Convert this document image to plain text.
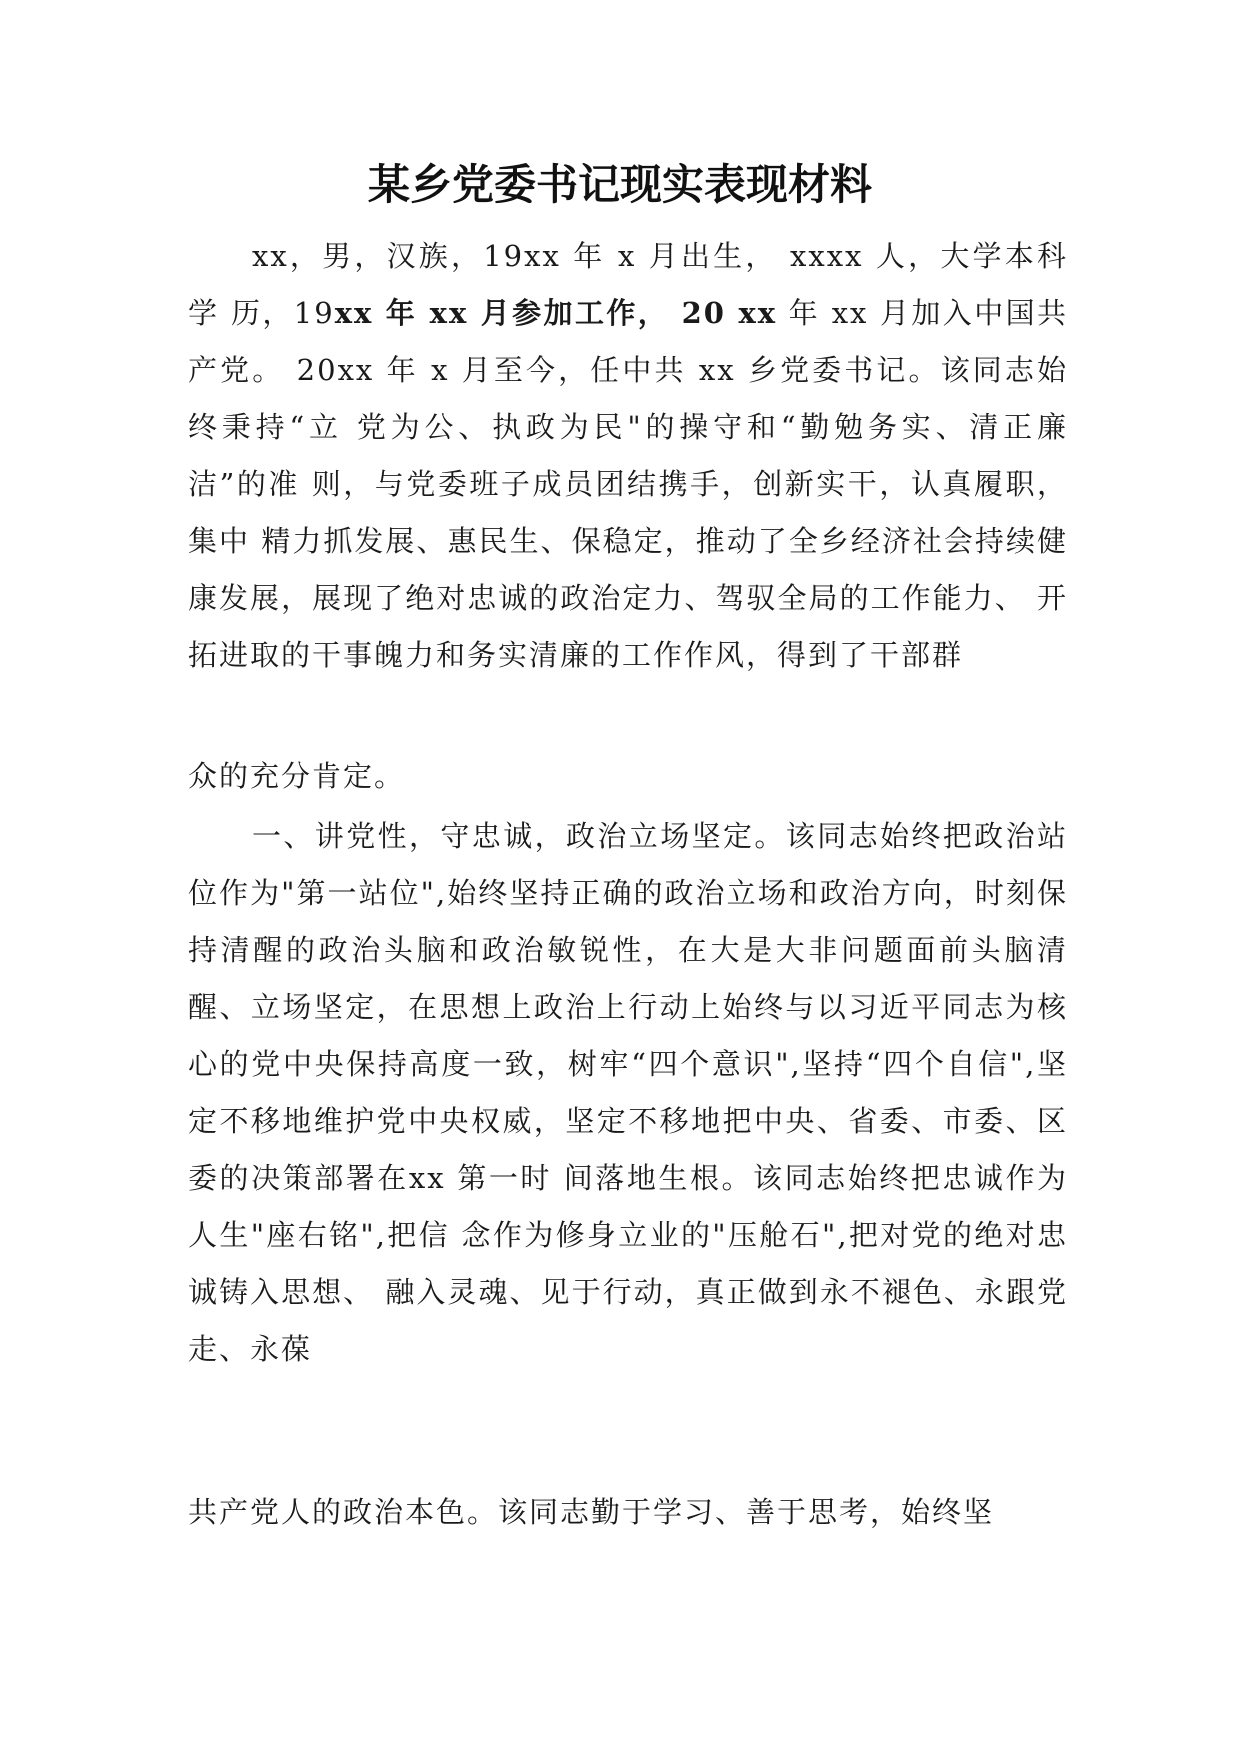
某乡党委书记现实表现材料

xx，男，汉族，19xx 年 x 月出生， xxxx 人，大学本科学 历，19xx 年 xx 月参加工作， 20 xx 年 xx 月加入中国共产党。 20xx 年 x 月至今，任中共 xx 乡党委书记。该同志始终秉持“立 党为公、执政为民"的操守和“勤勉务实、清正廉洁”的准 则，与党委班子成员团结携手，创新实干，认真履职，集中 精力抓发展、惠民生、保稳定，推动了全乡经济社会持续健 康发展，展现了绝对忠诚的政治定力、驾驭全局的工作能力、 开拓进取的干事魄力和务实清廉的工作作风，得到了干部群

众的充分肯定。

一、讲党性，守忠诚，政治立场坚定。该同志始终把政治站位作为"第一站位",始终坚持正确的政治立场和政治方向，时刻保持清醒的政治头脑和政治敏锐性，在大是大非问题面前头脑清醒、立场坚定，在思想上政治上行动上始终与以习近平同志为核心的党中央保持高度一致，树牢“四个意识",坚持“四个自信",坚定不移地维护党中央权威，坚定不移地把中央、省委、市委、区委的决策部署在xx 第一时 间落地生根。该同志始终把忠诚作为人生"座右铭",把信 念作为修身立业的"压舱石",把对党的绝对忠诚铸入思想、 融入灵魂、见于行动，真正做到永不褪色、永跟党走、永葆

共产党人的政治本色。该同志勤于学习、善于思考，始终坚
